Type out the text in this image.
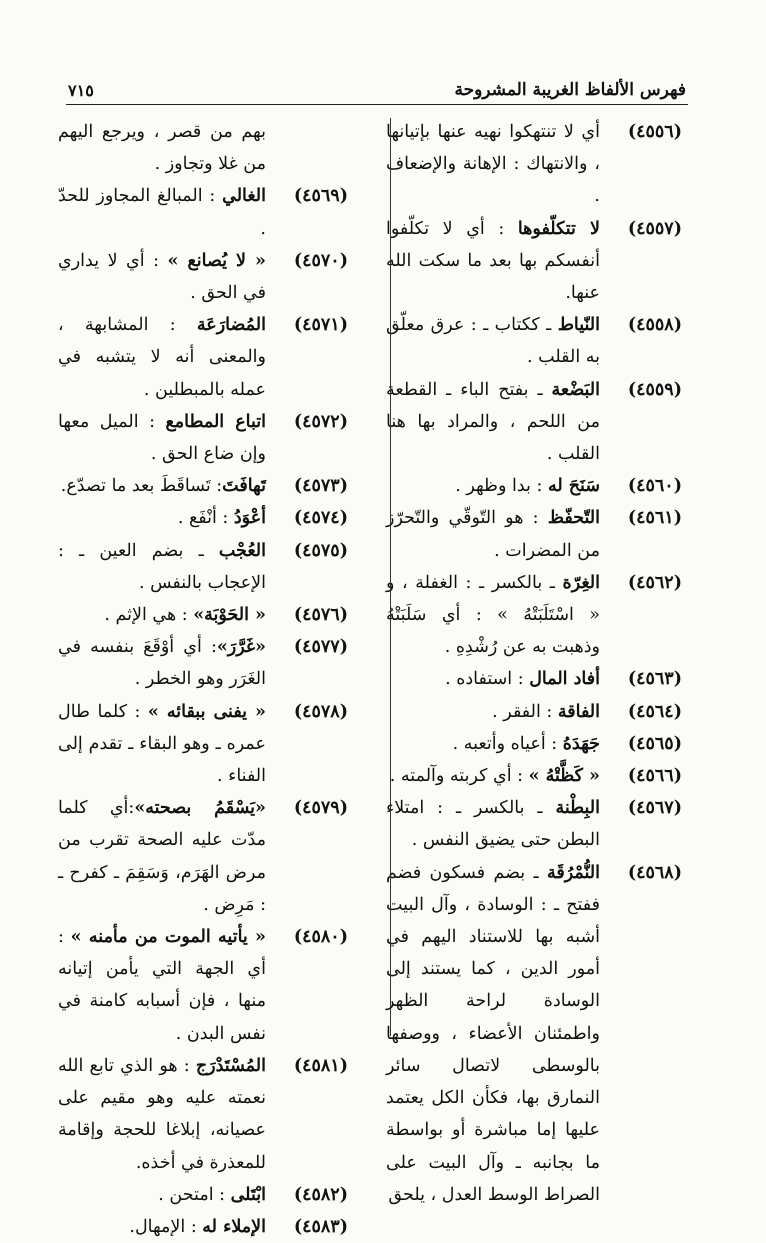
فهرس الألفاظ الغريبة المشروحة
٧١٥
(٤٥٥٦)
أي لا تنتهكوا نهيه عنها بإتيانها ، والانتهاك : الإهانة والإضعاف .
(٤٥٥٧)
لا تتكلّفوها : أي لا تكلّفوا أنفسكم بها بعد ما سكت الله عنها.
(٤٥٥٨)
النّياط ـ ككتاب ـ : عرق معلّق به القلب .
(٤٥٥٩)
البَضْعة ـ بفتح الباء ـ القطعة من اللحم ، والمراد بها هنا القلب .
(٤٥٦٠)
سَنَحَ له : بدا وظهر .
(٤٥٦١)
التّحفّظ : هو التّوقّي والتّحرّز من المضرات .
(٤٥٦٢)
الغِرّة ـ بالكسر ـ : الغفلة ، و « اسْتَلَبَتْهُ » : أي سَلَبَتْهُ وذهبت به عن رُشْدِهِ .
(٤٥٦٣)
أفاد المال : استفاده .
(٤٥٦٤)
الفاقة : الفقر .
(٤٥٦٥)
جَهَدَهُ : أعياه وأتعبه .
(٤٥٦٦)
« كَظَّتْهُ » : أي كربته وآلمته .
(٤٥٦٧)
البِطْنة ـ بالكسر ـ : امتلاء البطن حتى يضيق النفس .
(٤٥٦٨)
النُّمْرُقَة ـ بضم فسكون فضم ففتح ـ : الوسادة ، وآل البيت أشبه بها للاستناد اليهم في أمور الدين ، كما يستند إلى الوسادة لراحة الظهر واطمئنان الأعضاء ، ووصفها بالوسطى لاتصال سائر النمارق بها، فكأن الكل يعتمد عليها إما مباشرة أو بواسطة ما بجانبه ـ وآل البيت على الصراط الوسط العدل ، يلحق
بهم من قصر ، ويرجع اليهم من غلا وتجاوز .
(٤٥٦٩)
الغالي : المبالغ المجاوز للحدّ .
(٤٥٧٠)
« لا يُصانع » : أي لا يداري في الحق .
(٤٥٧١)
المُضارَعَة : المشابهة ، والمعنى أنه لا يتشبه في عمله بالمبطلين .
(٤٥٧٢)
اتباع المطامع : الميل معها وإن ضاع الحق .
(٤٥٧٣)
تَهافَتَ: تَساقَطَ بعد ما تصدّع.
(٤٥٧٤)
أعْوَدُ : أنْفَع .
(٤٥٧٥)
العُجْب ـ بضم العين ـ : الإعجاب بالنفس .
(٤٥٧٦)
« الحَوْبَة» : هي الإثم .
(٤٥٧٧)
«غَرَّرَ»: أي أوْقَعَ بنفسه في الغَرَر وهو الخطر .
(٤٥٧٨)
« يفنى ببقائه » : كلما طال عمره ـ وهو البقاء ـ تقدم إلى الفناء .
(٤٥٧٩)
«يَسْقَمُ بصحته»:أي كلما مدّت عليه الصحة تقرب من مرض الهَرَم، وَسَقِمَ ـ كفرح ـ : مَرِض .
(٤٥٨٠)
« يأتيه الموت من مأمنه » : أي الجهة التي يأمن إتيانه منها ، فإن أسبابه كامنة في نفس البدن .
(٤٥٨١)
المُسْتَدْرَج : هو الذي تابع الله نعمته عليه وهو مقيم على عصيانه، إبلاغا للحجة وإقامة للمعذرة في أخذه.
(٤٥٨٢)
ابْتَلى : امتحن .
(٤٥٨٣)
الإملاء له : الإمهال.
